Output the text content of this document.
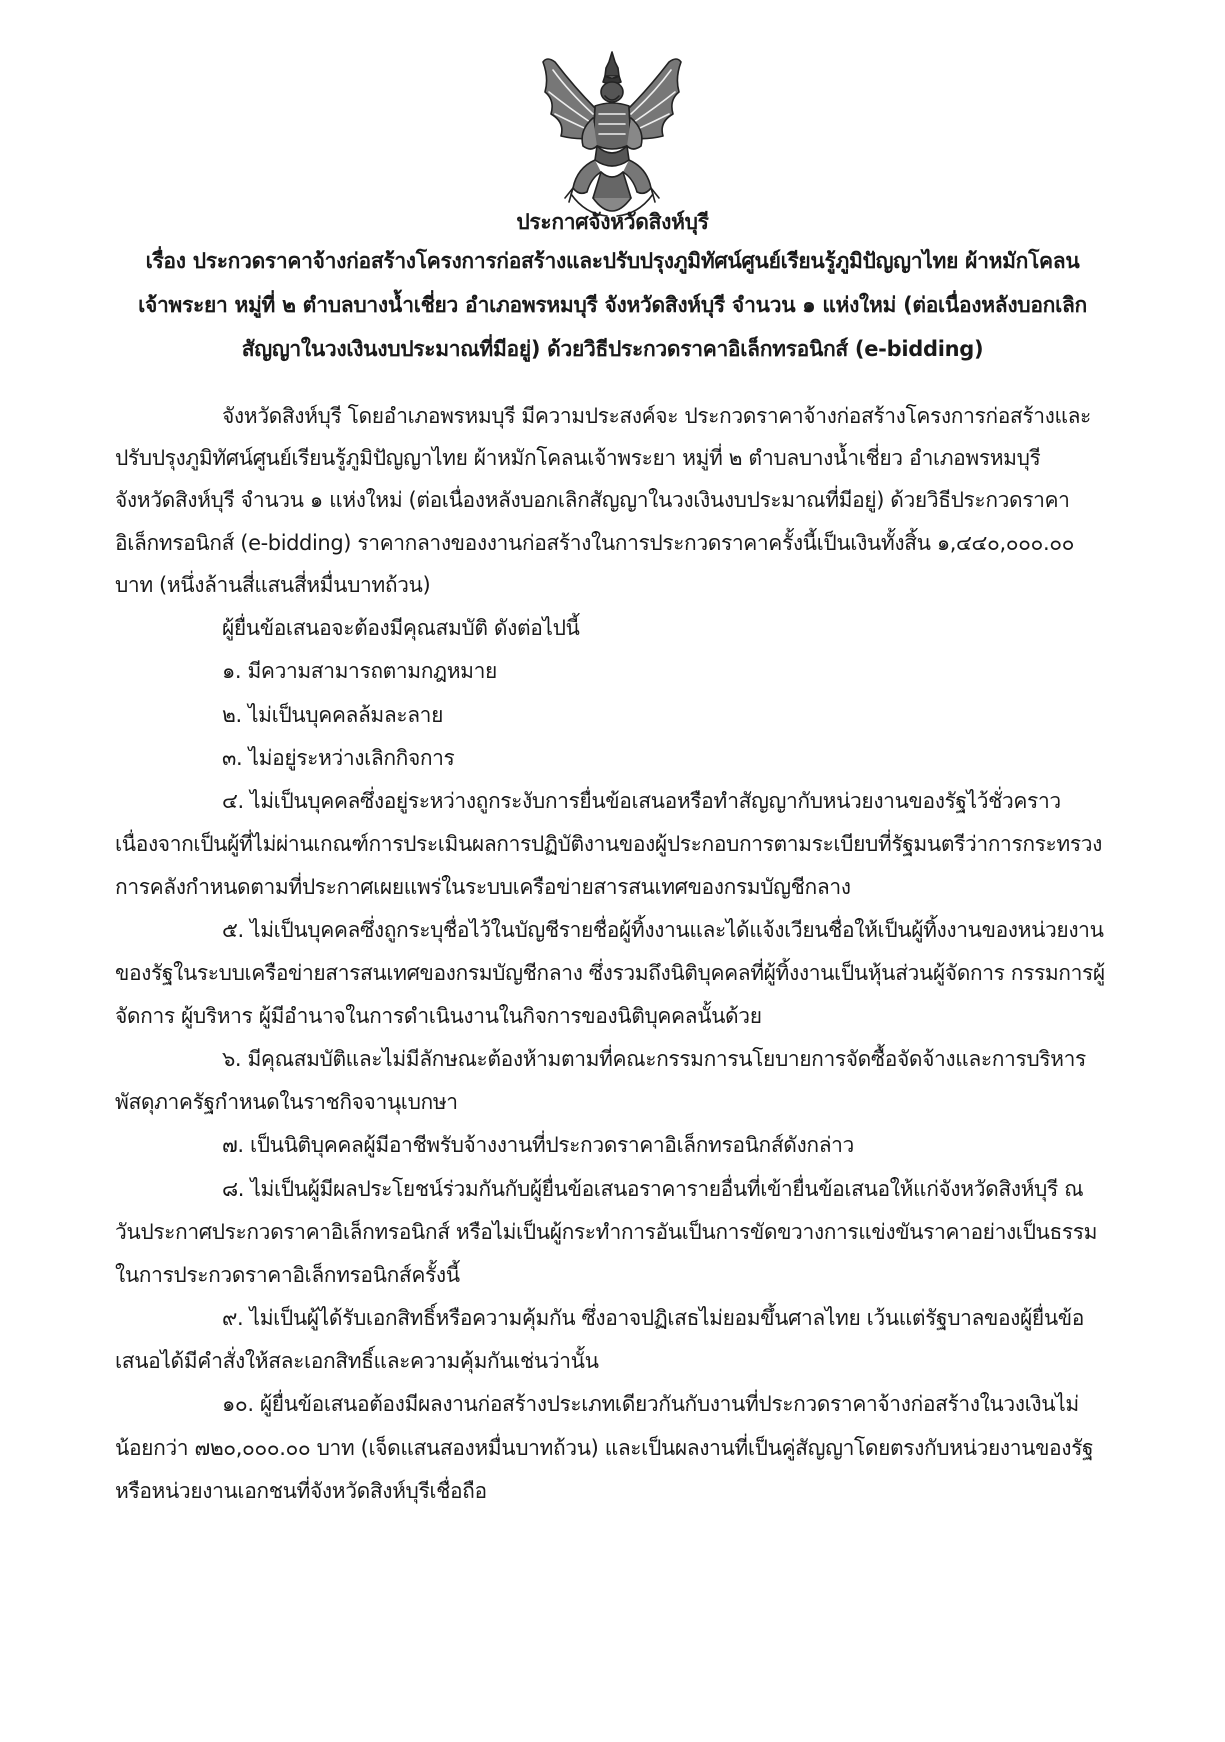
ประกาศจังหวัดสิงห์บุรี
เรื่อง ประกวดราคาจ้างก่อสร้างโครงการก่อสร้างและปรับปรุงภูมิทัศน์ศูนย์เรียนรู้ภูมิปัญญาไทย ผ้าหมักโคลน
เจ้าพระยา หมู่ที่ ๒ ตำบลบางน้ำเชี่ยว อำเภอพรหมบุรี จังหวัดสิงห์บุรี จำนวน ๑ แห่งใหม่ (ต่อเนื่องหลังบอกเลิก
สัญญาในวงเงินงบประมาณที่มีอยู่) ด้วยวิธีประกวดราคาอิเล็กทรอนิกส์ (e-bidding)
จังหวัดสิงห์บุรี โดยอำเภอพรหมบุรี มีความประสงค์จะ ประกวดราคาจ้างก่อสร้างโครงการก่อสร้างและ
ปรับปรุงภูมิทัศน์ศูนย์เรียนรู้ภูมิปัญญาไทย ผ้าหมักโคลนเจ้าพระยา หมู่ที่ ๒ ตำบลบางน้ำเชี่ยว อำเภอพรหมบุรี
จังหวัดสิงห์บุรี จำนวน ๑ แห่งใหม่ (ต่อเนื่องหลังบอกเลิกสัญญาในวงเงินงบประมาณที่มีอยู่) ด้วยวิธีประกวดราคา
อิเล็กทรอนิกส์ (e-bidding) ราคากลางของงานก่อสร้างในการประกวดราคาครั้งนี้เป็นเงินทั้งสิ้น ๑,๔๔๐,๐๐๐.๐๐
บาท (หนึ่งล้านสี่แสนสี่หมื่นบาทถ้วน)
ผู้ยื่นข้อเสนอจะต้องมีคุณสมบัติ ดังต่อไปนี้
๑. มีความสามารถตามกฎหมาย
๒. ไม่เป็นบุคคลล้มละลาย
๓. ไม่อยู่ระหว่างเลิกกิจการ
๔. ไม่เป็นบุคคลซึ่งอยู่ระหว่างถูกระงับการยื่นข้อเสนอหรือทำสัญญากับหน่วยงานของรัฐไว้ชั่วคราว
เนื่องจากเป็นผู้ที่ไม่ผ่านเกณฑ์การประเมินผลการปฏิบัติงานของผู้ประกอบการตามระเบียบที่รัฐมนตรีว่าการกระทรวง
การคลังกำหนดตามที่ประกาศเผยแพร่ในระบบเครือข่ายสารสนเทศของกรมบัญชีกลาง
๕. ไม่เป็นบุคคลซึ่งถูกระบุชื่อไว้ในบัญชีรายชื่อผู้ทิ้งงานและได้แจ้งเวียนชื่อให้เป็นผู้ทิ้งงานของหน่วยงาน
ของรัฐในระบบเครือข่ายสารสนเทศของกรมบัญชีกลาง ซึ่งรวมถึงนิติบุคคลที่ผู้ทิ้งงานเป็นหุ้นส่วนผู้จัดการ กรรมการผู้
จัดการ ผู้บริหาร ผู้มีอำนาจในการดำเนินงานในกิจการของนิติบุคคลนั้นด้วย
๖. มีคุณสมบัติและไม่มีลักษณะต้องห้ามตามที่คณะกรรมการนโยบายการจัดซื้อจัดจ้างและการบริหาร
พัสดุภาครัฐกำหนดในราชกิจจานุเบกษา
๗. เป็นนิติบุคคลผู้มีอาชีพรับจ้างงานที่ประกวดราคาอิเล็กทรอนิกส์ดังกล่าว
๘. ไม่เป็นผู้มีผลประโยชน์ร่วมกันกับผู้ยื่นข้อเสนอราคารายอื่นที่เข้ายื่นข้อเสนอให้แก่จังหวัดสิงห์บุรี ณ
วันประกาศประกวดราคาอิเล็กทรอนิกส์ หรือไม่เป็นผู้กระทำการอันเป็นการขัดขวางการแข่งขันราคาอย่างเป็นธรรม
ในการประกวดราคาอิเล็กทรอนิกส์ครั้งนี้
๙. ไม่เป็นผู้ได้รับเอกสิทธิ์หรือความคุ้มกัน ซึ่งอาจปฏิเสธไม่ยอมขึ้นศาลไทย เว้นแต่รัฐบาลของผู้ยื่นข้อ
เสนอได้มีคำสั่งให้สละเอกสิทธิ์และความคุ้มกันเช่นว่านั้น
๑๐. ผู้ยื่นข้อเสนอต้องมีผลงานก่อสร้างประเภทเดียวกันกับงานที่ประกวดราคาจ้างก่อสร้างในวงเงินไม่
น้อยกว่า ๗๒๐,๐๐๐.๐๐ บาท (เจ็ดแสนสองหมื่นบาทถ้วน) และเป็นผลงานที่เป็นคู่สัญญาโดยตรงกับหน่วยงานของรัฐ
หรือหน่วยงานเอกชนที่จังหวัดสิงห์บุรีเชื่อถือ
